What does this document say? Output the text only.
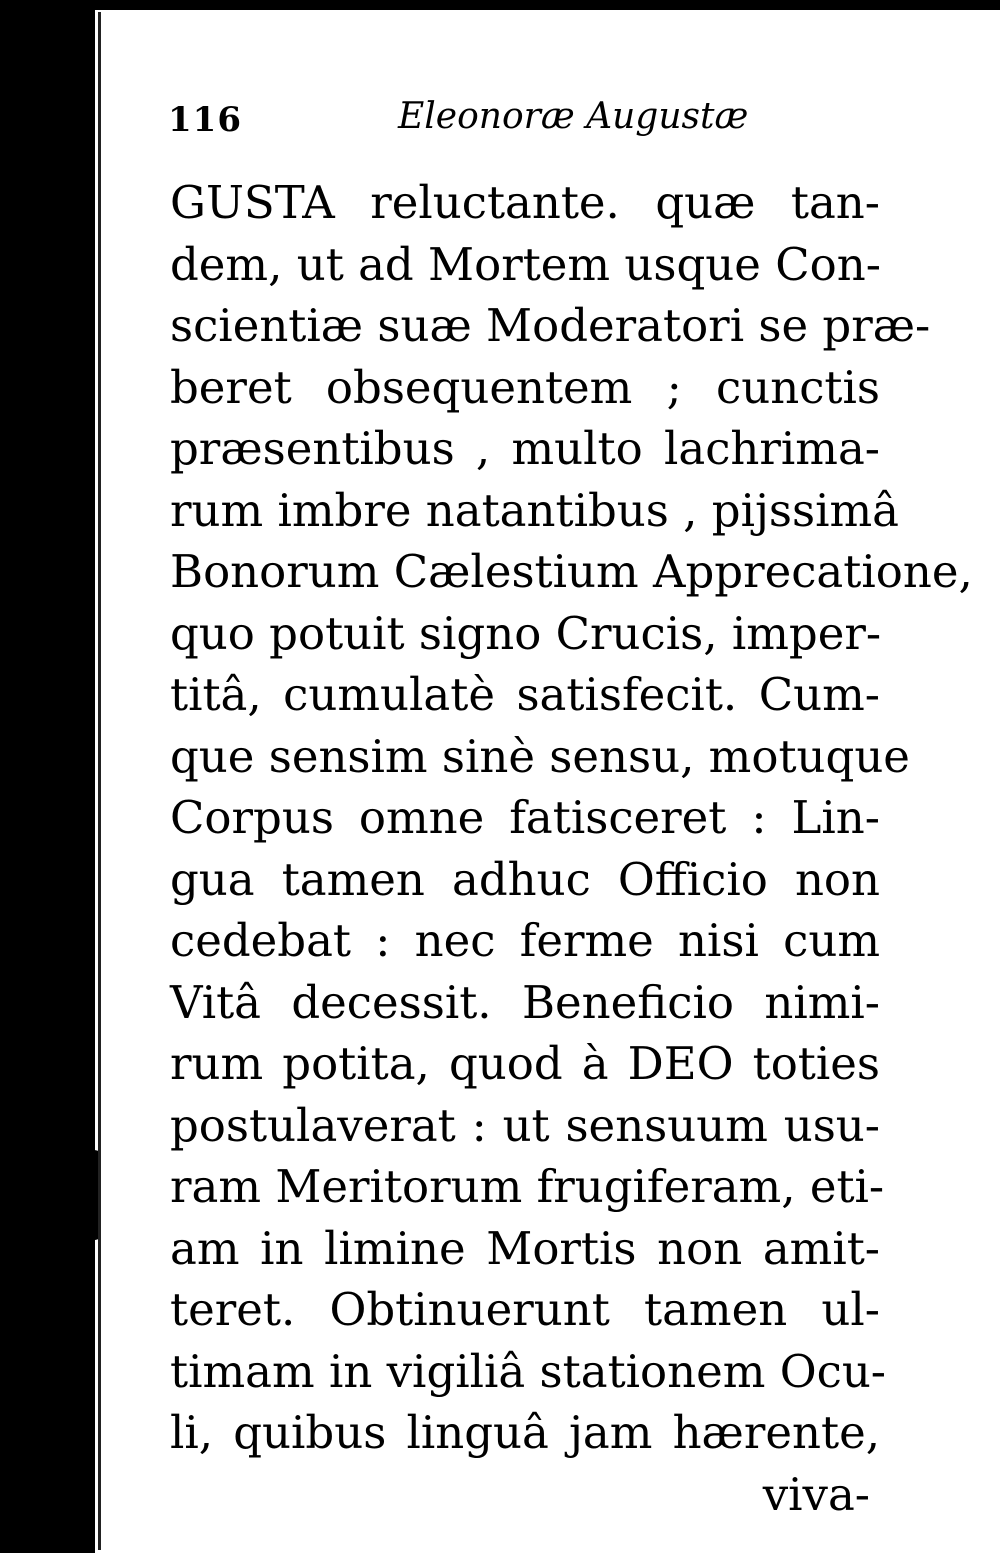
116	Eleonoræ Augustæ
GUSTA reluctante. quæ tan-
dem, ut ad Mortem usque Con-
scientiæ suæ Moderatori se præ-
beret obsequentem ; cunctis
præsentibus , multo lachrima-
rum imbre natantibus , pijssimâ
Bonorum Cælestium Apprecatione,
quo potuit signo Crucis, imper-
titâ, cumulatè satisfecit. Cum-
que sensim sinè sensu, motuque
Corpus omne fatisceret : Lin-
gua tamen adhuc Officio non
cedebat : nec ferme nisi cum
Vitâ decessit. Beneficio nimi-
rum potita, quod à DEO toties
postulaverat : ut sensuum usu-
ram Meritorum frugiferam, eti-
am in limine Mortis non amit-
teret. Obtinuerunt tamen ul-
timam in vigiliâ stationem Ocu-
li, quibus linguâ jam hærente,
viva-
